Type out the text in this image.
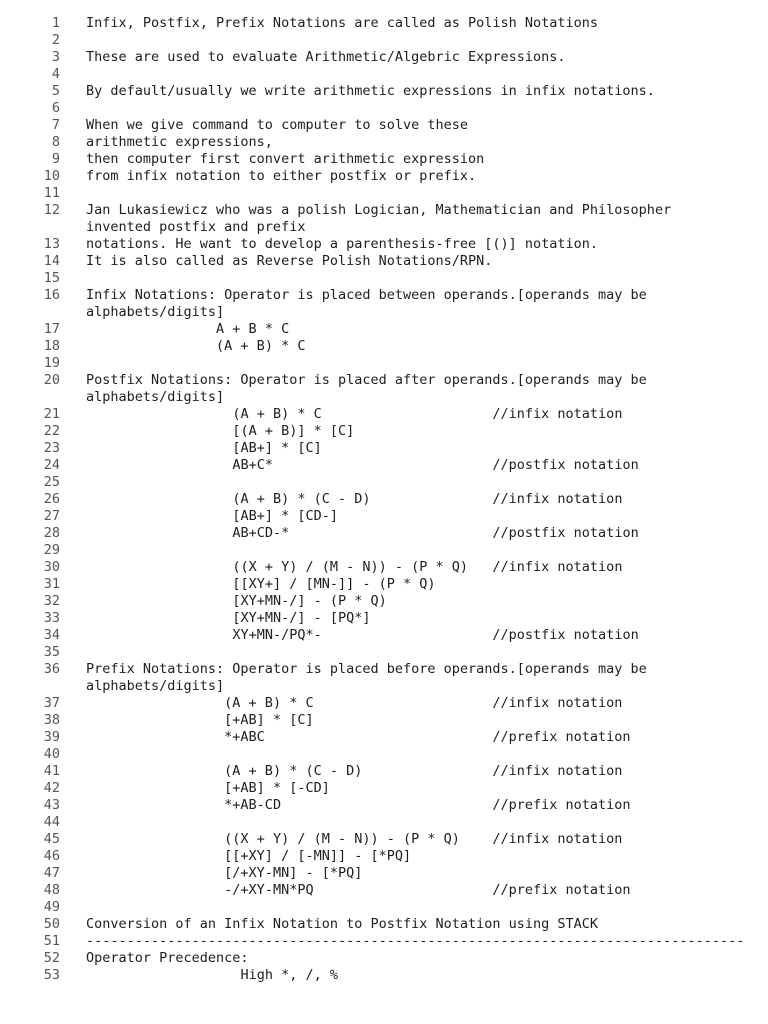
1 Infix, Postfix, Prefix Notations are called as Polish Notations
2
3 These are used to evaluate Arithmetic/Algebric Expressions.
4
5 By default/usually we write arithmetic expressions in infix notations.
6
7 When we give command to computer to solve these
8 arithmetic expressions,
9 then computer first convert arithmetic expression
10 from infix notation to either postfix or prefix.
11
12 Jan Lukasiewicz who was a polish Logician, Mathematician and Philosopher
invented postfix and prefix
13 notations. He want to develop a parenthesis-free [()] notation.
14 It is also called as Reverse Polish Notations/RPN.
15
16 Infix Notations: Operator is placed between operands.[operands may be
alphabets/digits]
17 A + B * C
18 (A + B) * C
19
20 Postfix Notations: Operator is placed after operands.[operands may be
alphabets/digits]
21 (A + B) * C                     //infix notation
22 [(A + B)] * [C]
23 [AB+] * [C]
24 AB+C*                           //postfix notation
25
26 (A + B) * (C - D)               //infix notation
27 [AB+] * [CD-]
28 AB+CD-*                         //postfix notation
29
30 ((X + Y) / (M - N)) - (P * Q)   //infix notation
31 [[XY+] / [MN-]] - (P * Q)
32 [XY+MN-/] - (P * Q)
33 [XY+MN-/] - [PQ*]
34 XY+MN-/PQ*-                     //postfix notation
35
36 Prefix Notations: Operator is placed before operands.[operands may be
alphabets/digits]
37 (A + B) * C                      //infix notation
38 [+AB] * [C]
39 *+ABC                            //prefix notation
40
41 (A + B) * (C - D)                //infix notation
42 [+AB] * [-CD]
43 *+AB-CD                          //prefix notation
44
45 ((X + Y) / (M - N)) - (P * Q)    //infix notation
46 [[+XY] / [-MN]] - [*PQ]
47 [/+XY-MN] - [*PQ]
48 -/+XY-MN*PQ                      //prefix notation
49
50 Conversion of an Infix Notation to Postfix Notation using STACK
51 ---------------------------------------------------------------------------------
52 Operator Precedence:
53 High *, /, %
